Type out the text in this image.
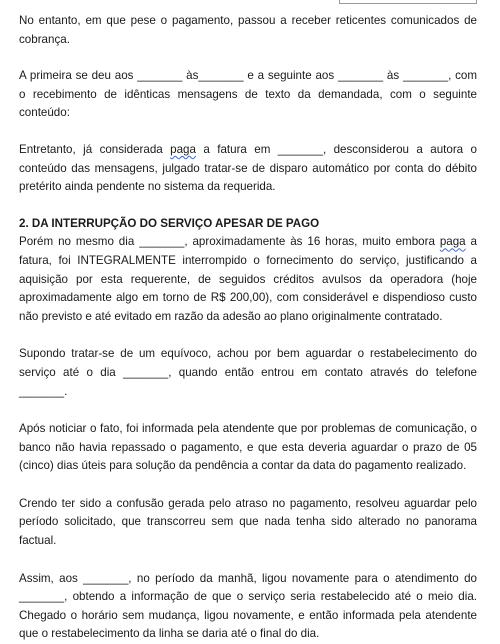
No entanto, em que pese o pagamento, passou a receber reticentes comunicados de cobrança.

A primeira se deu aos _______ às_______ e a seguinte aos _______ às _______, com o recebimento de idênticas mensagens de texto da demandada, com o seguinte conteúdo:

Entretanto, já considerada paga a fatura em _______, desconsiderou a autora o conteúdo das mensagens, julgado tratar-se de disparo automático por conta do débito pretérito ainda pendente no sistema da requerida.

2. DA INTERRUPÇÃO DO SERVIÇO APESAR DE PAGO

Porém no mesmo dia _______, aproximadamente às 16 horas, muito embora paga a fatura, foi INTEGRALMENTE interrompido o fornecimento do serviço, justificando a aquisição por esta requerente, de seguidos créditos avulsos da operadora (hoje aproximadamente algo em torno de R$ 200,00), com considerável e dispendioso custo não previsto e até evitado em razão da adesão ao plano originalmente contratado.

Supondo tratar-se de um equívoco, achou por bem aguardar o restabelecimento do serviço até o dia _______, quando então entrou em contato através do telefone _______.

Após noticiar o fato, foi informada pela atendente que por problemas de comunicação, o banco não havia repassado o pagamento, e que esta deveria aguardar o prazo de 05 (cinco) dias úteis para solução da pendência a contar da data do pagamento realizado.

Crendo ter sido a confusão gerada pelo atraso no pagamento, resolveu aguardar pelo período solicitado, que transcorreu sem que nada tenha sido alterado no panorama factual.

Assim, aos _______, no período da manhã, ligou novamente para o atendimento do _______, obtendo a informação de que o serviço seria restabelecido até o meio dia. Chegado o horário sem mudança, ligou novamente, e então informada pela atendente que o restabelecimento da linha se daria até o final do dia.
